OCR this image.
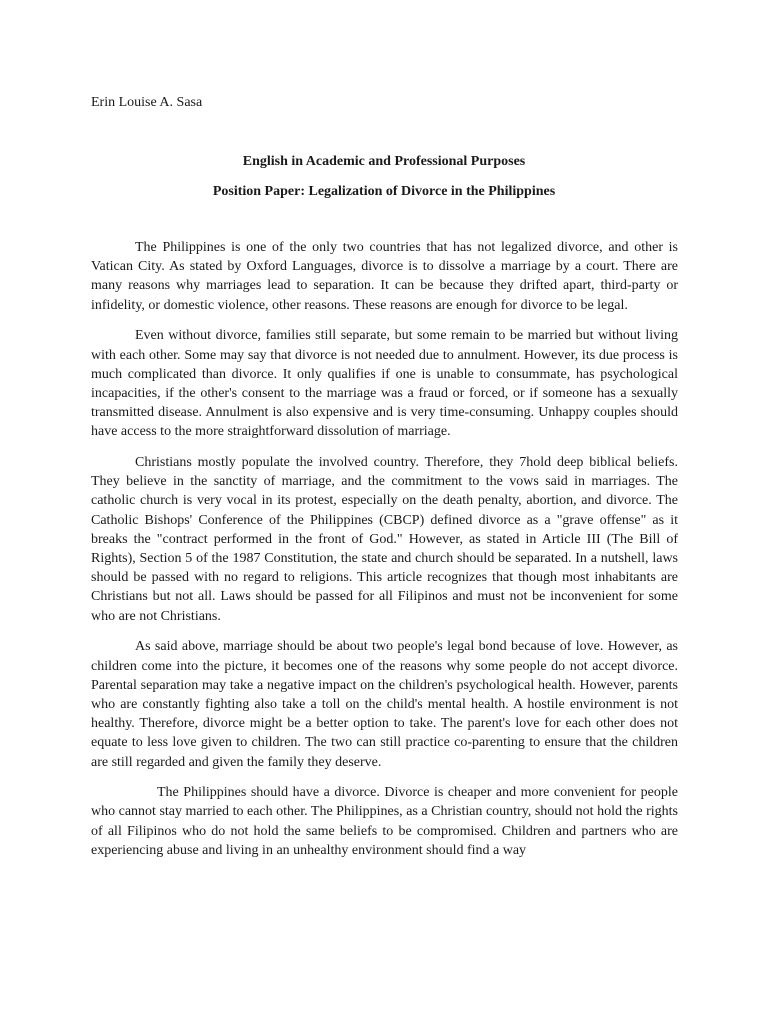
Erin Louise A. Sasa
English in Academic and Professional Purposes
Position Paper: Legalization of Divorce in the Philippines

The Philippines is one of the only two countries that has not legalized divorce, and other is Vatican City. As stated by Oxford Languages, divorce is to dissolve a marriage by a court. There are many reasons why marriages lead to separation. It can be because they drifted apart, third-party or infidelity, or domestic violence, other reasons. These reasons are enough for divorce to be legal.

Even without divorce, families still separate, but some remain to be married but without living with each other. Some may say that divorce is not needed due to annulment. However, its due process is much complicated than divorce. It only qualifies if one is unable to consummate, has psychological incapacities, if the other's consent to the marriage was a fraud or forced, or if someone has a sexually transmitted disease. Annulment is also expensive and is very time-consuming. Unhappy couples should have access to the more straightforward dissolution of marriage.

Christians mostly populate the involved country. Therefore, they 7hold deep biblical beliefs. They believe in the sanctity of marriage, and the commitment to the vows said in marriages. The catholic church is very vocal in its protest, especially on the death penalty, abortion, and divorce. The Catholic Bishops' Conference of the Philippines (CBCP) defined divorce as a "grave offense" as it breaks the "contract performed in the front of God." However, as stated in Article III (The Bill of Rights), Section 5 of the 1987 Constitution, the state and church should be separated. In a nutshell, laws should be passed with no regard to religions. This article recognizes that though most inhabitants are Christians but not all. Laws should be passed for all Filipinos and must not be inconvenient for some who are not Christians.

As said above, marriage should be about two people's legal bond because of love. However, as children come into the picture, it becomes one of the reasons why some people do not accept divorce. Parental separation may take a negative impact on the children's psychological health. However, parents who are constantly fighting also take a toll on the child's mental health. A hostile environment is not healthy. Therefore, divorce might be a better option to take. The parent's love for each other does not equate to less love given to children. The two can still practice co-parenting to ensure that the children are still regarded and given the family they deserve.

The Philippines should have a divorce. Divorce is cheaper and more convenient for people who cannot stay married to each other. The Philippines, as a Christian country, should not hold the rights of all Filipinos who do not hold the same beliefs to be compromised. Children and partners who are experiencing abuse and living in an unhealthy environment should find a way
